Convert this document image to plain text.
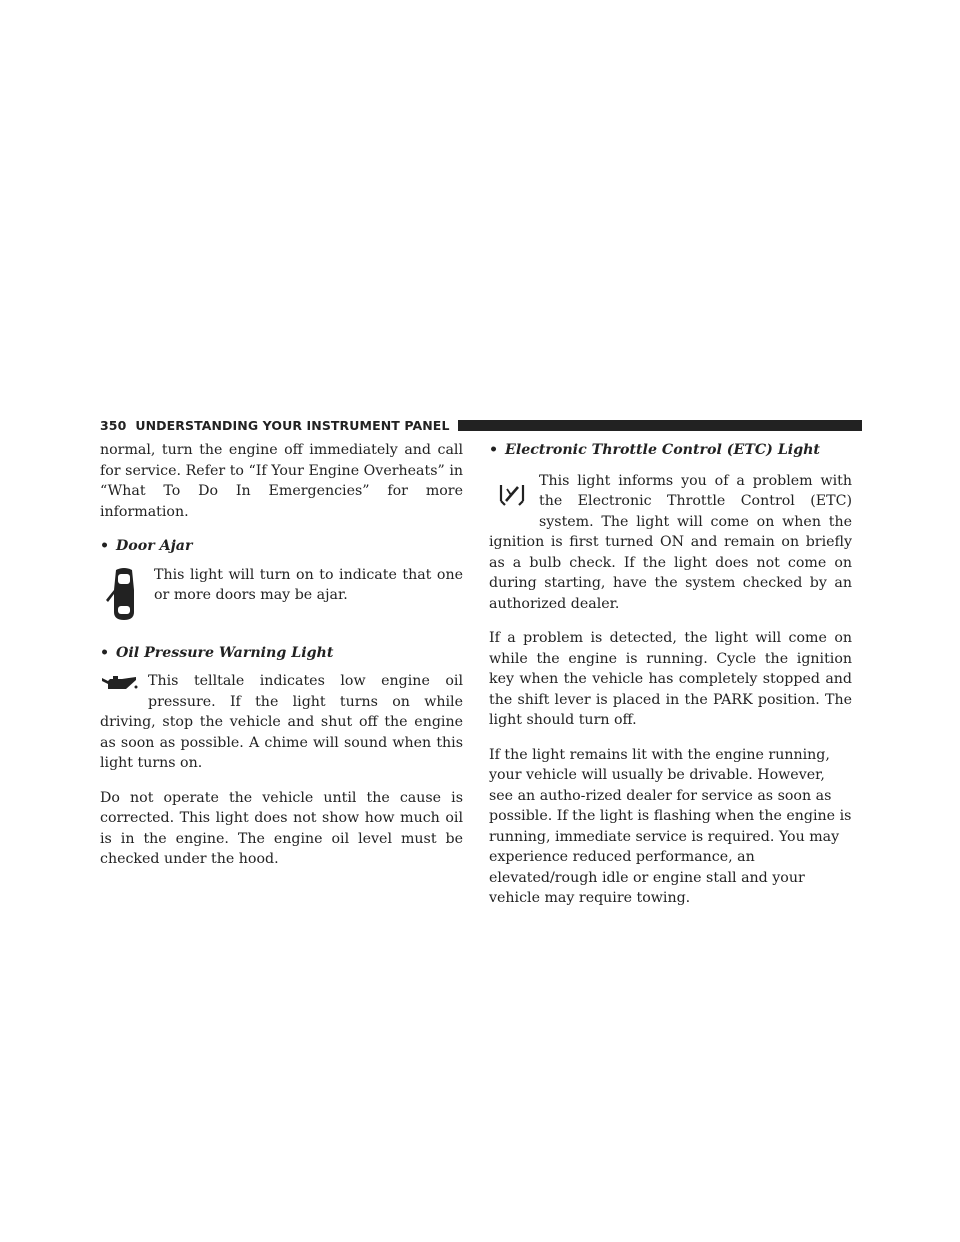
350 UNDERSTANDING YOUR INSTRUMENT PANEL

normal, turn the engine off immediately and call for service. Refer to “If Your Engine Overheats” in “What To Do In Emergencies” for more information.

• Door Ajar
This light will turn on to indicate that one or more doors may be ajar.
• Oil Pressure Warning Light

This telltale indicates low engine oil pressure. If the light turns on while driving, stop the vehicle and shut off the engine as soon as possible. A chime will sound when this light turns on.

Do not operate the vehicle until the cause is corrected. This light does not show how much oil is in the engine. The engine oil level must be checked under the hood.

• Electronic Throttle Control (ETC) Light

This light informs you of a problem with the Electronic Throttle Control (ETC) system. The light will come on when the ignition is first turned ON and remain on briefly as a bulb check. If the light does not come on during starting, have the system checked by an authorized dealer.

If a problem is detected, the light will come on while the engine is running. Cycle the ignition key when the vehicle has completely stopped and the shift lever is placed in the PARK position. The light should turn off.

If the light remains lit with the engine running, your vehicle will usually be drivable. However, see an autho-rized dealer for service as soon as possible. If the light is flashing when the engine is running, immediate service is required. You may experience reduced performance, an elevated/rough idle or engine stall and your vehicle may require towing.
